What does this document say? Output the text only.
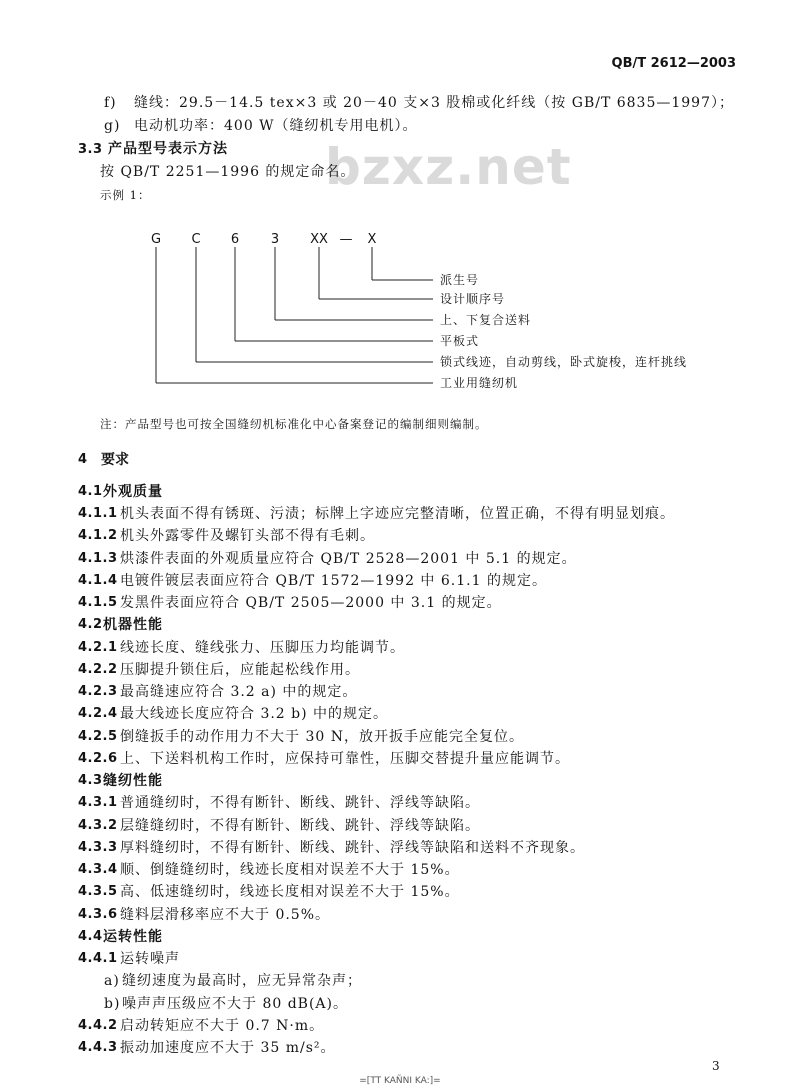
bzxz.net
QB/T 2612—2003
f) 缝线：29.5－14.5 tex×3 或 20－40 支×3 股棉或化纤线（按 GB/T 6835—1997）；
g) 电动机功率：400 W（缝纫机专用电机）。
3.3 产品型号表示方法
按 QB/T 2251—1996 的规定命名。
示例 1：
G C 6 3 XX — X
派生号
设计顺序号
上、下复合送料
平板式
锁式线迹，自动剪线，卧式旋梭，连杆挑线
工业用缝纫机
注：产品型号也可按全国缝纫机标准化中心备案登记的编制细则编制。
4 要求
4.1 外观质量
4.1.1 机头表面不得有锈斑、污渍；标牌上字迹应完整清晰，位置正确，不得有明显划痕。
4.1.2 机头外露零件及螺钉头部不得有毛刺。
4.1.3 烘漆件表面的外观质量应符合 QB/T 2528—2001 中 5.1 的规定。
4.1.4 电镀件镀层表面应符合 QB/T 1572—1992 中 6.1.1 的规定。
4.1.5 发黑件表面应符合 QB/T 2505—2000 中 3.1 的规定。
4.2 机器性能
4.2.1 线迹长度、缝线张力、压脚压力均能调节。
4.2.2 压脚提升锁住后，应能起松线作用。
4.2.3 最高缝速应符合 3.2 a) 中的规定。
4.2.4 最大线迹长度应符合 3.2 b) 中的规定。
4.2.5 倒缝扳手的动作用力不大于 30 N，放开扳手应能完全复位。
4.2.6 上、下送料机构工作时，应保持可靠性，压脚交替提升量应能调节。
4.3 缝纫性能
4.3.1 普通缝纫时，不得有断针、断线、跳针、浮线等缺陷。
4.3.2 层缝缝纫时，不得有断针、断线、跳针、浮线等缺陷。
4.3.3 厚料缝纫时，不得有断针、断线、跳针、浮线等缺陷和送料不齐现象。
4.3.4 顺、倒缝缝纫时，线迹长度相对误差不大于 15%。
4.3.5 高、低速缝纫时，线迹长度相对误差不大于 15%。
4.3.6 缝料层滑移率应不大于 0.5%。
4.4 运转性能
4.4.1 运转噪声
a) 缝纫速度为最高时，应无异常杂声；
b) 噪声声压级应不大于 80 dB(A)。
4.4.2 启动转矩应不大于 0.7 N·m。
4.4.3 振动加速度应不大于 35 m/s²。
3
=[TT KAÑNI KA:]=
